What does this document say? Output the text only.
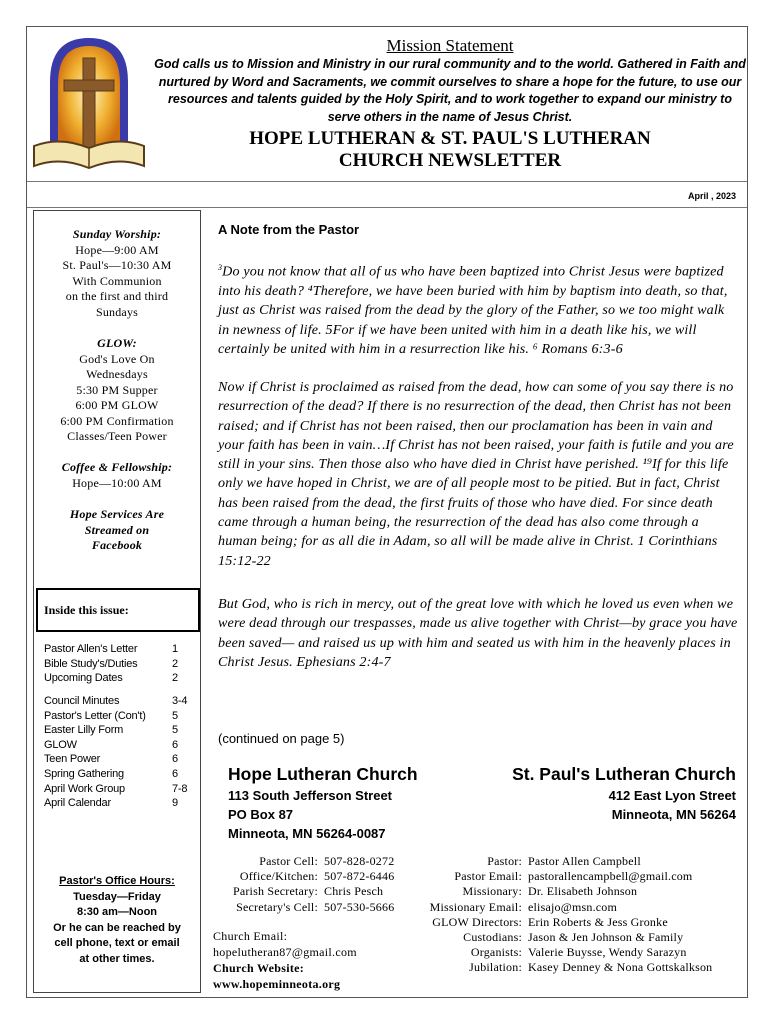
Mission Statement
God calls us to Mission and Ministry in our rural community and to the world. Gathered in Faith and nurtured by Word and Sacraments, we commit ourselves to share a hope for the future, to use our resources and talents guided by the Holy Spirit, and to work together to expand our ministry to serve others in the name of Jesus Christ.
HOPE LUTHERAN & ST. PAUL'S LUTHERAN
CHURCH NEWSLETTER
April , 2023
Sunday Worship:
Hope—9:00 AM
St. Paul's—10:30 AM
With Communion
on the first and third
Sundays
GLOW:
God's Love On
Wednesdays
5:30 PM Supper
6:00 PM GLOW
6:00 PM Confirmation
Classes/Teen Power
Coffee & Fellowship:
Hope—10:00 AM
Hope Services Are
Streamed on
Facebook
Inside this issue:
Pastor Allen's Letter	1
Bible Study's/Duties	2
Upcoming Dates	2
Council Minutes	3-4
Pastor's Letter (Con't)	5
Easter Lilly Form	5
GLOW	6
Teen Power	6
Spring Gathering	6
April Work Group	7-8
April Calendar	9
Pastor's Office Hours:
Tuesday—Friday
8:30 am—Noon
Or he can be reached by
cell phone, text or email
at other times.
A Note from the Pastor
$^3$Do you not know that all of us who have been baptized into Christ Jesus were baptized into his death? ⁴Therefore, we have been buried with him by baptism into death, so that, just as Christ was raised from the dead by the glory of the Father, so we too might walk in newness of life. 5For if we have been united with him in a death like his, we will certainly be united with him in a resurrection like his. ⁶ Romans 6:3-6
Now if Christ is proclaimed as raised from the dead, how can some of you say there is no resurrection of the dead? If there is no resurrection of the dead, then Christ has not been raised; and if Christ has not been raised, then our proclamation has been in vain and your faith has been in vain…If Christ has not been raised, your faith is futile and you are still in your sins. Then those also who have died in Christ have perished. ¹⁹If for this life only we have hoped in Christ, we are of all people most to be pitied. But in fact, Christ has been raised from the dead, the first fruits of those who have died. For since death came through a human being, the resurrection of the dead has also come through a human being; for as all die in Adam, so all will be made alive in Christ. 1 Corinthians 15:12-22
But God, who is rich in mercy, out of the great love with which he loved us even when we were dead through our trespasses, made us alive together with Christ—by grace you have been saved— and raised us up with him and seated us with him in the heavenly places in Christ Jesus. Ephesians 2:4-7
(continued on page 5)
Hope Lutheran Church
113 South Jefferson Street
PO Box 87
Minneota, MN 56264-0087
St. Paul's Lutheran Church
412 East Lyon Street
Minneota, MN 56264
Pastor Cell: 507-828-0272
Office/Kitchen: 507-872-6446
Parish Secretary: Chris Pesch
Secretary's Cell: 507-530-5666
Church Email:
hopelutheran87@gmail.com
Church Website:
www.hopeminneota.org
Pastor: Pastor Allen Campbell
Pastor Email: pastorallencampbell@gmail.com
Missionary: Dr. Elisabeth Johnson
Missionary Email: elisajo@msn.com
GLOW Directors: Erin Roberts & Jess Gronke
Custodians: Jason & Jen Johnson & Family
Organists: Valerie Buysse, Wendy Sarazyn
Jubilation: Kasey Denney & Nona Gottskalkson
